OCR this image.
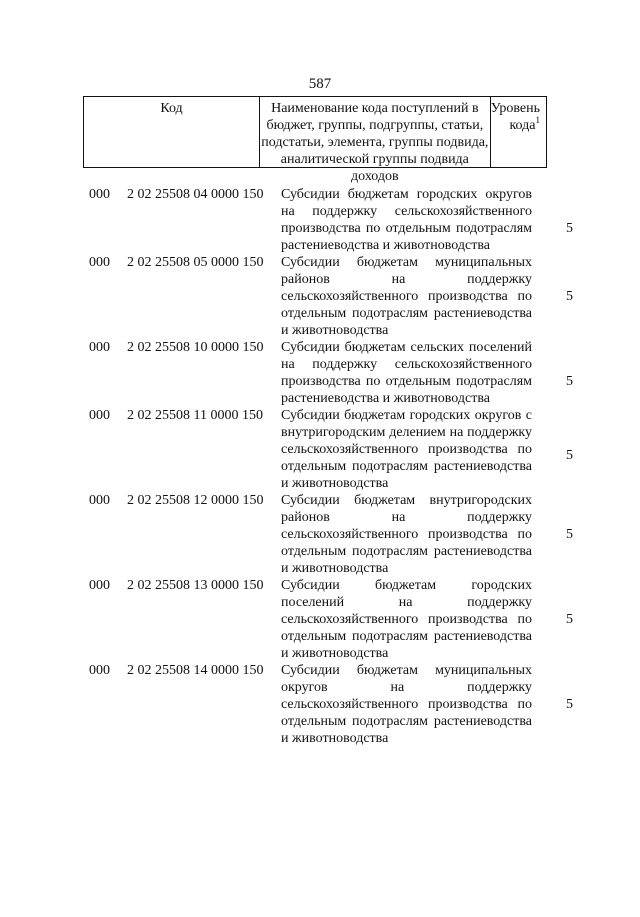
587
Код	Наименование кода поступлений в бюджет, группы, подгруппы, статьи, подстатьи, элемента, группы подвида, аналитической группы подвида доходов
Уровень кода$^1$
000 2 02 25508 04 0000 150 Субсидии бюджетам городских округов на поддержку сельскохозяйственного производства по отдельным подотраслям растениеводства и животноводства
5
000 2 02 25508 05 0000 150 Субсидии бюджетам муниципальных районов на поддержку сельскохозяйственного производства по отдельным подотраслям растениеводства и животноводства
5
000 2 02 25508 10 0000 150 Субсидии бюджетам сельских поселений на поддержку сельскохозяйственного производства по отдельным подотраслям растениеводства и животноводства
5
000 2 02 25508 11 0000 150 Субсидии бюджетам городских округов с внутригородским делением на поддержку сельскохозяйственного производства по отдельным подотраслям растениеводства и животноводства
5
000 2 02 25508 12 0000 150 Субсидии бюджетам внутригородских районов на поддержку сельскохозяйственного производства по отдельным подотраслям растениеводства и животноводства
5
000 2 02 25508 13 0000 150 Субсидии бюджетам городских поселений на поддержку сельскохозяйственного производства по отдельным подотраслям растениеводства и животноводства
5
000 2 02 25508 14 0000 150 Субсидии бюджетам муниципальных округов на поддержку сельскохозяйственного производства по отдельным подотраслям растениеводства и животноводства
5
